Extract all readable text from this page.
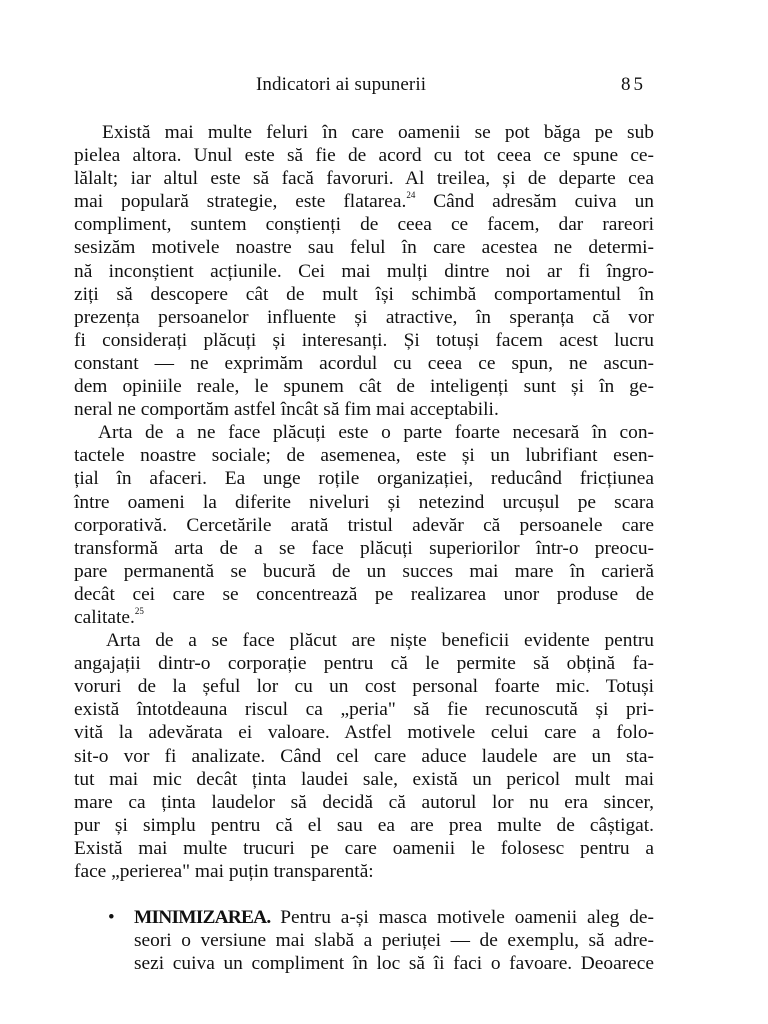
Indicatori ai supunerii	85
Există mai multe feluri în care oamenii se pot băga pe sub
pielea altora. Unul este să fie de acord cu tot ceea ce spune ce-
lălalt; iar altul este să facă favoruri. Al treilea, și de departe cea
mai populară strategie, este flatarea.$^{24}$ Când adresăm cuiva un
compliment, suntem conștienți de ceea ce facem, dar rareori
sesizăm motivele noastre sau felul în care acestea ne determi-
nă inconștient acțiunile. Cei mai mulți dintre noi ar fi îngro-
ziți să descopere cât de mult își schimbă comportamentul în
prezența persoanelor influente și atractive, în speranța că vor
fi considerați plăcuți și interesanți. Și totuși facem acest lucru
constant — ne exprimăm acordul cu ceea ce spun, ne ascun-
dem opiniile reale, le spunem cât de inteligenți sunt și în ge-
neral ne comportăm astfel încât să fim mai acceptabili.
Arta de a ne face plăcuți este o parte foarte necesară în con-
tactele noastre sociale; de asemenea, este și un lubrifiant esen-
țial în afaceri. Ea unge roțile organizației, reducând fricțiunea
între oameni la diferite niveluri și netezind urcușul pe scara
corporativă. Cercetările arată tristul adevăr că persoanele care
transformă arta de a se face plăcuți superiorilor într-o preocu-
pare permanentă se bucură de un succes mai mare în carieră
decât cei care se concentrează pe realizarea unor produse de
calitate.$^{25}$
Arta de a se face plăcut are niște beneficii evidente pentru
angajații dintr-o corporație pentru că le permite să obțină fa-
voruri de la șeful lor cu un cost personal foarte mic. Totuși
există întotdeauna riscul ca „peria" să fie recunoscută și pri-
vită la adevărata ei valoare. Astfel motivele celui care a folo-
sit-o vor fi analizate. Când cel care aduce laudele are un sta-
tut mai mic decât ținta laudei sale, există un pericol mult mai
mare ca ținta laudelor să decidă că autorul lor nu era sincer,
pur și simplu pentru că el sau ea are prea multe de câștigat.
Există mai multe trucuri pe care oamenii le folosesc pentru a
face „perierea" mai puțin transparentă:
• MINIMIZAREA. Pentru a-și masca motivele oamenii aleg de-
seori o versiune mai slabă a periuței — de exemplu, să adre-
sezi cuiva un compliment în loc să îi faci o favoare. Deoarece
